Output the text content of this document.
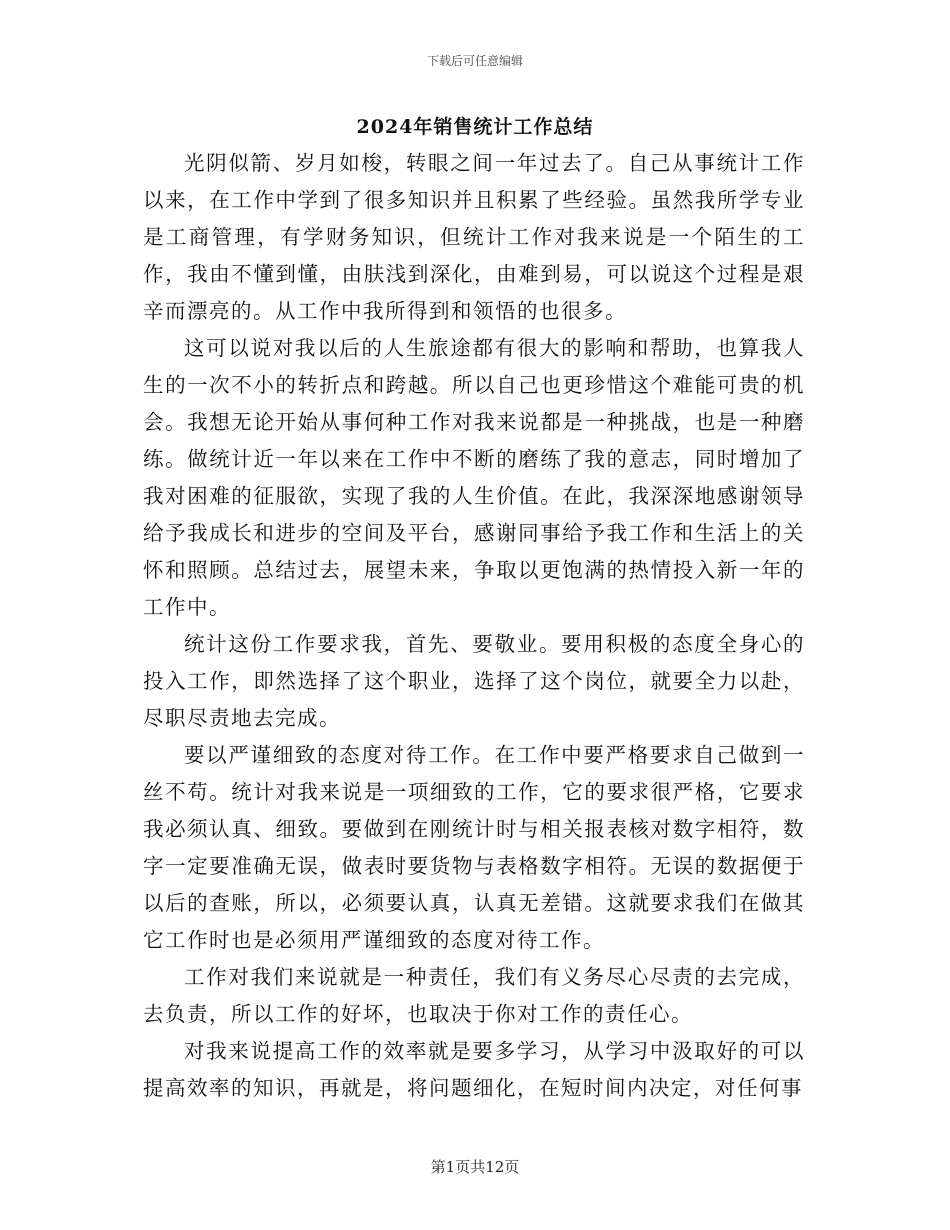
下载后可任意编辑
2024年销售统计工作总结

光阴似箭、岁月如梭，转眼之间一年过去了。自己从事统计工作以来，在工作中学到了很多知识并且积累了些经验。虽然我所学专业是工商管理，有学财务知识，但统计工作对我来说是一个陌生的工作，我由不懂到懂，由肤浅到深化，由难到易，可以说这个过程是艰辛而漂亮的。从工作中我所得到和领悟的也很多。

这可以说对我以后的人生旅途都有很大的影响和帮助，也算我人生的一次不小的转折点和跨越。所以自己也更珍惜这个难能可贵的机会。我想无论开始从事何种工作对我来说都是一种挑战，也是一种磨练。做统计近一年以来在工作中不断的磨练了我的意志，同时增加了我对困难的征服欲，实现了我的人生价值。在此，我深深地感谢领导给予我成长和进步的空间及平台，感谢同事给予我工作和生活上的关怀和照顾。总结过去，展望未来，争取以更饱满的热情投入新一年的工作中。

统计这份工作要求我，首先、要敬业。要用积极的态度全身心的投入工作，即然选择了这个职业，选择了这个岗位，就要全力以赴，尽职尽责地去完成。

要以严谨细致的态度对待工作。在工作中要严格要求自己做到一丝不苟。统计对我来说是一项细致的工作，它的要求很严格，它要求我必须认真、细致。要做到在刚统计时与相关报表核对数字相符，数字一定要准确无误，做表时要货物与表格数字相符。无误的数据便于以后的查账，所以，必须要认真，认真无差错。这就要求我们在做其它工作时也是必须用严谨细致的态度对待工作。

工作对我们来说就是一种责任，我们有义务尽心尽责的去完成，去负责，所以工作的好坏，也取决于你对工作的责任心。

对我来说提高工作的效率就是要多学习，从学习中汲取好的可以提高效率的知识，再就是，将问题细化，在短时间内决定，对任何事

第1页共12页
